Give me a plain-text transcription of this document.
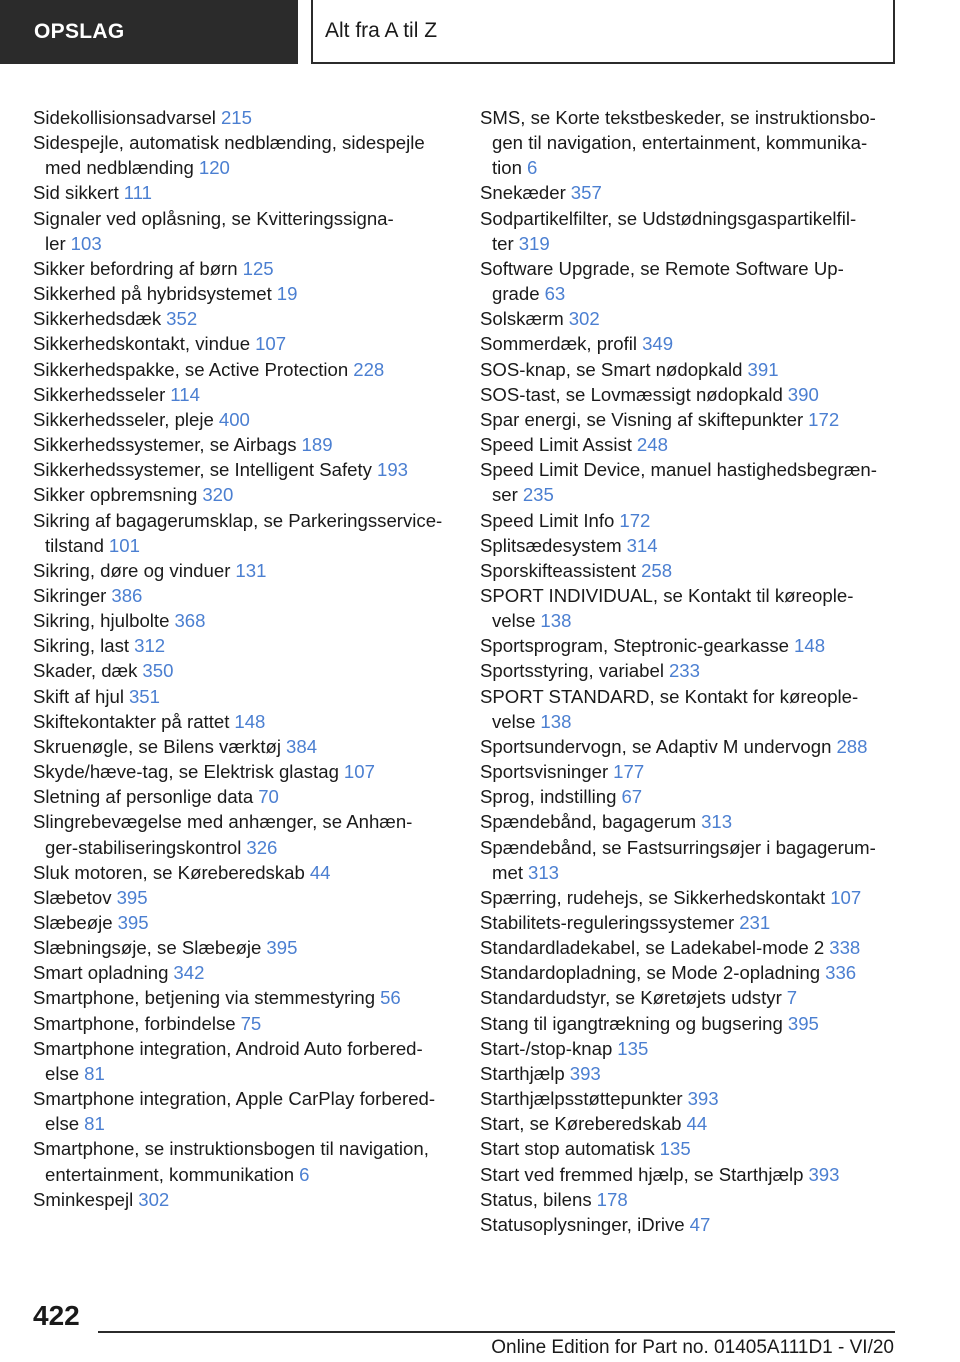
OPSLAG	Alt fra A til Z

Sidekollisionsadvarsel 215

Sidespejle, automatisk nedblænding, sidespejle
med nedblænding 120

Sid sikkert 111

Signaler ved oplåsning, se Kvitteringssigna-
ler 103

Sikker befordring af børn 125

Sikkerhed på hybridsystemet 19

Sikkerhedsdæk 352

Sikkerhedskontakt, vindue 107

Sikkerhedspakke, se Active Protection 228

Sikkerhedsseler 114

Sikkerhedsseler, pleje 400

Sikkerhedssystemer, se Airbags 189

Sikkerhedssystemer, se Intelligent Safety 193

Sikker opbremsning 320

Sikring af bagagerumsklap, se Parkeringsservice-
tilstand 101

Sikring, døre og vinduer 131

Sikringer 386

Sikring, hjulbolte 368

Sikring, last 312

Skader, dæk 350

Skift af hjul 351

Skiftekontakter på rattet 148

Skruenøgle, se Bilens værktøj 384

Skyde/hæve-tag, se Elektrisk glastag 107

Sletning af personlige data 70

Slingrebevægelse med anhænger, se Anhæn-
ger-stabiliseringskontrol 326

Sluk motoren, se Køreberedskab 44

Slæbetov 395

Slæbeøje 395

Slæbningsøje, se Slæbeøje 395

Smart opladning 342

Smartphone, betjening via stemmestyring 56

Smartphone, forbindelse 75

Smartphone integration, Android Auto forbered-
else 81

Smartphone integration, Apple CarPlay forbered-
else 81

Smartphone, se instruktionsbogen til navigation,
entertainment, kommunikation 6

Sminkespejl 302

SMS, se Korte tekstbeskeder, se instruktionsbo-
gen til navigation, entertainment, kommunika-
tion 6

Snekæder 357

Sodpartikelfilter, se Udstødningsgaspartikelfil-
ter 319

Software Upgrade, se Remote Software Up-
grade 63

Solskærm 302

Sommerdæk, profil 349

SOS-knap, se Smart nødopkald 391

SOS-tast, se Lovmæssigt nødopkald 390

Spar energi, se Visning af skiftepunkter 172

Speed Limit Assist 248

Speed Limit Device, manuel hastighedsbegræn-
ser 235

Speed Limit Info 172

Splitsædesystem 314

Sporskifteassistent 258

SPORT INDIVIDUAL, se Kontakt til køreople-
velse 138

Sportsprogram, Steptronic-gearkasse 148

Sportsstyring, variabel 233

SPORT STANDARD, se Kontakt for køreople-
velse 138

Sportsundervogn, se Adaptiv M undervogn 288

Sportsvisninger 177

Sprog, indstilling 67

Spændebånd, bagagerum 313

Spændebånd, se Fastsurringsøjer i bagagerum-
met 313

Spærring, rudehejs, se Sikkerhedskontakt 107

Stabilitets-reguleringssystemer 231

Standardladekabel, se Ladekabel-mode 2 338

Standardopladning, se Mode 2-opladning 336

Standardudstyr, se Køretøjets udstyr 7

Stang til igangtrækning og bugsering 395

Start-/stop-knap 135

Starthjælp 393

Starthjælpsstøttepunkter 393

Start, se Køreberedskab 44

Start stop automatisk 135

Start ved fremmed hjælp, se Starthjælp 393

Status, bilens 178

Statusoplysninger, iDrive 47

422
Online Edition for Part no. 01405A111D1 - VI/20
